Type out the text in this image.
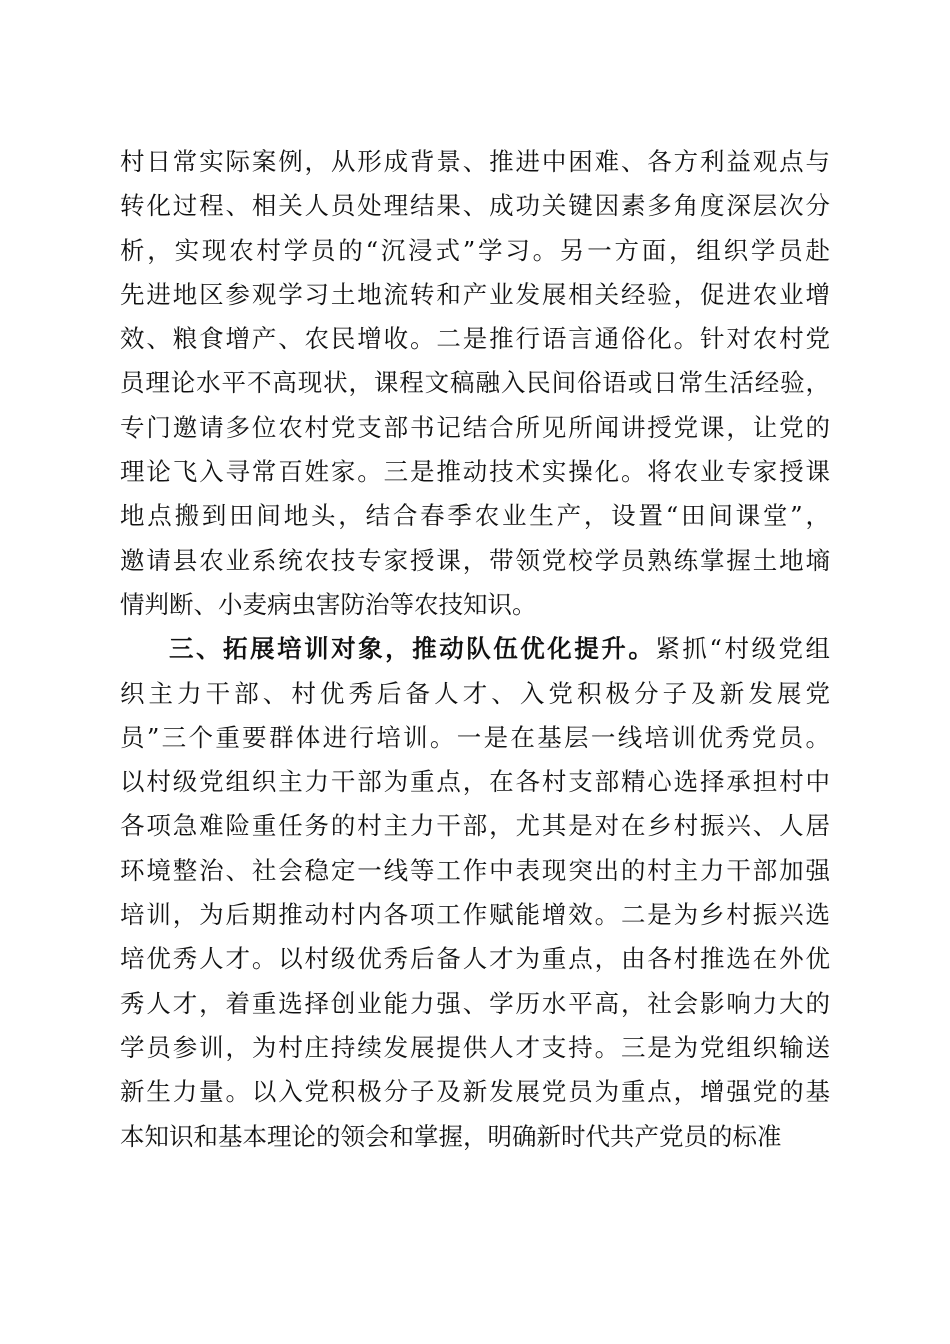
村日常实际案例，从形成背景、推进中困难、各方利益观点与
转化过程、相关人员处理结果、成功关键因素多角度深层次分
析，实现农村学员的“沉浸式”学习。另一方面，组织学员赴
先进地区参观学习土地流转和产业发展相关经验，促进农业增
效、粮食增产、农民增收。二是推行语言通俗化。针对农村党
员理论水平不高现状，课程文稿融入民间俗语或日常生活经验，
专门邀请多位农村党支部书记结合所见所闻讲授党课，让党的
理论飞入寻常百姓家。三是推动技术实操化。将农业专家授课
地点搬到田间地头，结合春季农业生产，设置“田间课堂”，
邀请县农业系统农技专家授课，带领党校学员熟练掌握土地墒
情判断、小麦病虫害防治等农技知识。
三、拓展培训对象，推动队伍优化提升。紧抓“村级党组
织主力干部、村优秀后备人才、入党积极分子及新发展党
员”三个重要群体进行培训。一是在基层一线培训优秀党员。
以村级党组织主力干部为重点，在各村支部精心选择承担村中
各项急难险重任务的村主力干部，尤其是对在乡村振兴、人居
环境整治、社会稳定一线等工作中表现突出的村主力干部加强
培训，为后期推动村内各项工作赋能增效。二是为乡村振兴选
培优秀人才。以村级优秀后备人才为重点，由各村推选在外优
秀人才，着重选择创业能力强、学历水平高，社会影响力大的
学员参训，为村庄持续发展提供人才支持。三是为党组织输送
新生力量。以入党积极分子及新发展党员为重点，增强党的基
本知识和基本理论的领会和掌握，明确新时代共产党员的标准
